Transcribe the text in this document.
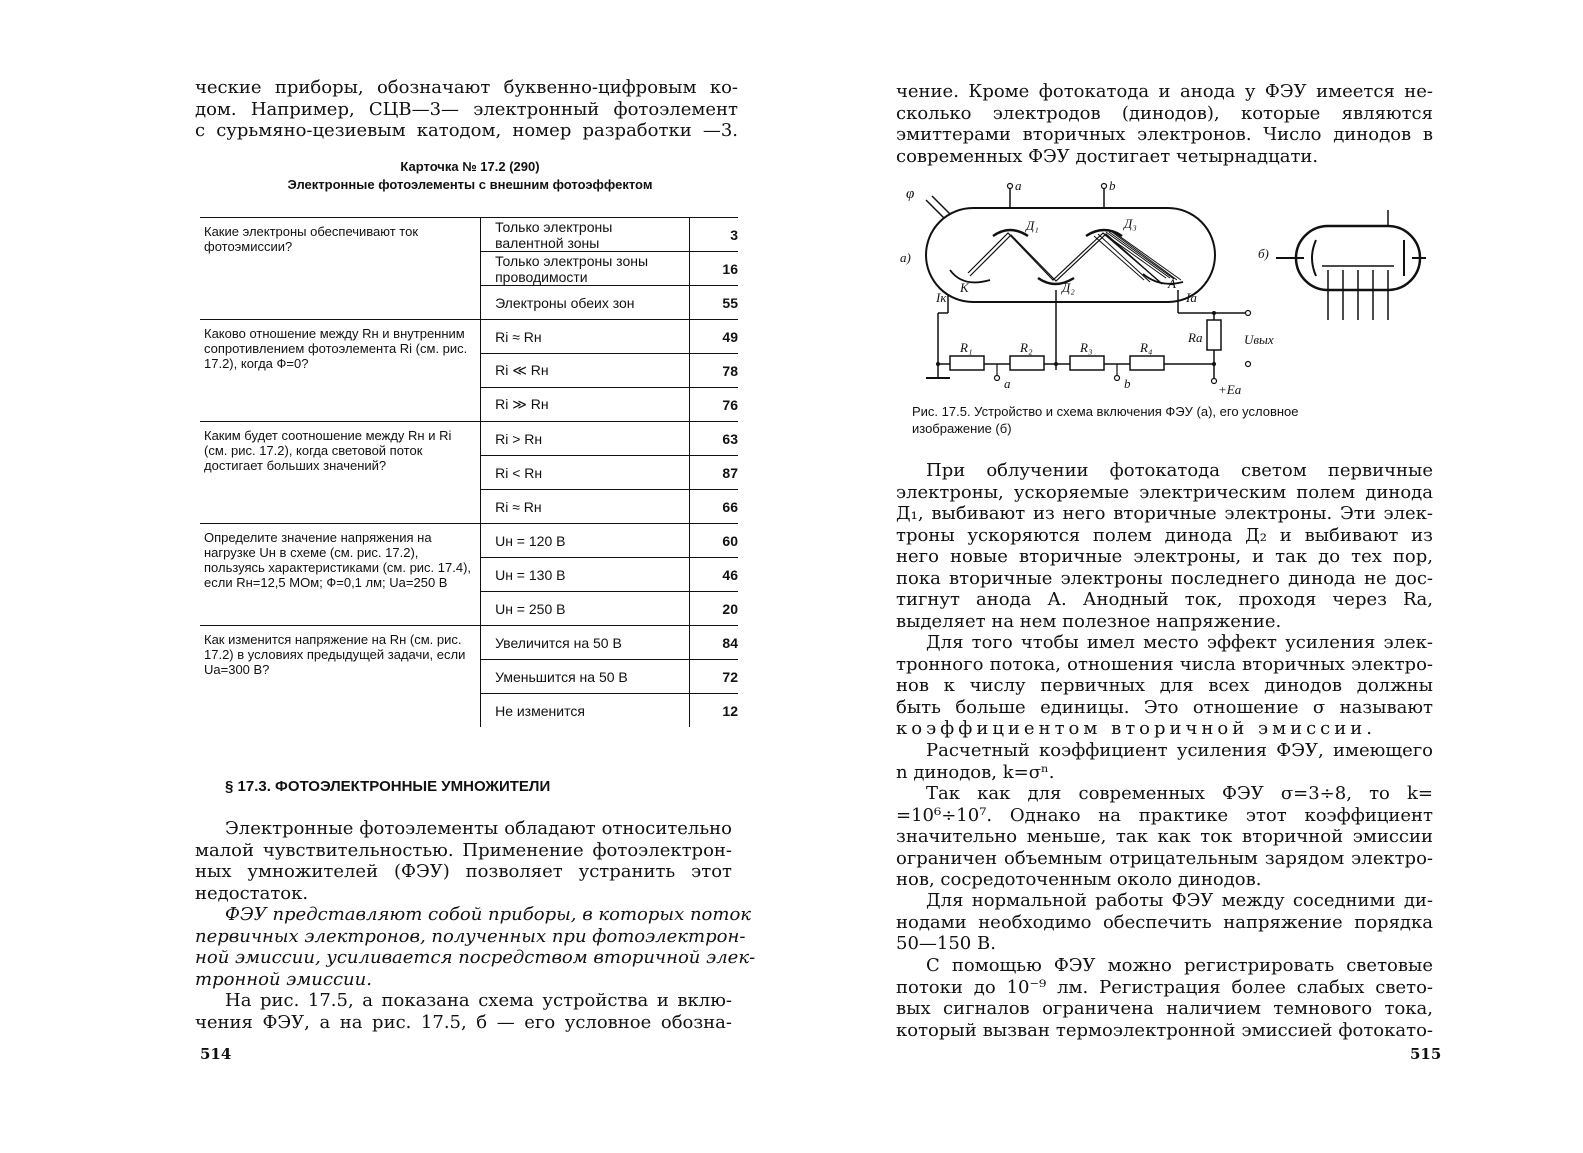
ческие приборы, обозначают буквенно-цифровым ко-
дом. Например, СЦВ—3— электронный фотоэлемент
с сурьмяно-цезиевым катодом, номер разработки —3.
Карточка № 17.2 (290)
Электронные фотоэлементы с внешним фотоэффектом
Какие электроны обеспечивают ток фотоэмиссии?	Только электроны валентной зоны	3
	Только электроны зоны проводимости	16
	Электроны обеих зон	55
Каково отношение между Rн и внутренним сопротивлением фотоэлемента Ri (см. рис. 17.2), когда Ф=0?	Ri ≈ Rн	49
	Ri ≪ Rн	78
	Ri ≫ Rн	76
Каким будет соотношение между Rн и Ri (см. рис. 17.2), когда световой поток достигает больших значений?	Ri > Rн	63
	Ri < Rн	87
	Ri ≈ Rн	66
Определите значение напряжения на нагрузке Uн в схеме (см. рис. 17.2), пользуясь характеристиками (см. рис. 17.4), если Rн=12,5 МОм; Ф=0,1 лм; Uа=250 В	Uн = 120 В	60
	Uн = 130 В	46
	Uн = 250 В	20
Как изменится напряжение на Rн (см. рис. 17.2) в условиях предыдущей задачи, если Uа=300 В?	Увеличится на 50 В	84
	Уменьшится на 50 В	72
	Не изменится	12
§ 17.3. ФОТОЭЛЕКТРОННЫЕ УМНОЖИТЕЛИ
Электронные фотоэлементы обладают относительно
малой чувствительностью. Применение фотоэлектрон-
ных умножителей (ФЭУ) позволяет устранить этот
недостаток.
ФЭУ представляют собой приборы, в которых поток
первичных электронов, полученных при фотоэлектрон-
ной эмиссии, усиливается посредством вторичной элек-
тронной эмиссии.
На рис. 17.5, а показана схема устройства и вклю-
чения ФЭУ, а на рис. 17.5, б — его условное обозна-
514
чение. Кроме фотокатода и анода у ФЭУ имеется не-
сколько электродов (динодов), которые являются
эмиттерами вторичных электронов. Число динодов в
современных ФЭУ достигает четырнадцати.
φ
a	b
а)	б)
Д₁
Д₂
Д₃
К	А
Iк	Iа
R₁	R₂	R₃	R₄
Rа	Uвых
a	b	+Eа
Рис. 17.5. Устройство и схема включения ФЭУ (а), его условное
изображение (б)
При облучении фотокатода светом первичные
электроны, ускоряемые электрическим полем динода
Д₁, выбивают из него вторичные электроны. Эти элек-
троны ускоряются полем динода Д₂ и выбивают из
него новые вторичные электроны, и так до тех пор,
пока вторичные электроны последнего динода не дос-
тигнут анода А. Анодный ток, проходя через Rа,
выделяет на нем полезное напряжение.
Для того чтобы имел место эффект усиления элек-
тронного потока, отношения числа вторичных электро-
нов к числу первичных для всех динодов должны
быть больше единицы. Это отношение σ называют
коэффициентом вторичной эмиссии.
Расчетный коэффициент усиления ФЭУ, имеющего
n динодов, k=σⁿ.
Так как для современных ФЭУ σ=3÷8, то k=
=10⁶÷10⁷. Однако на практике этот коэффициент
значительно меньше, так как ток вторичной эмиссии
ограничен объемным отрицательным зарядом электро-
нов, сосредоточенным около динодов.
Для нормальной работы ФЭУ между соседними ди-
нодами необходимо обеспечить напряжение порядка
50—150 В.
С помощью ФЭУ можно регистрировать световые
потоки до 10⁻⁹ лм. Регистрация более слабых свето-
вых сигналов ограничена наличием темнового тока,
который вызван термоэлектронной эмиссией фотокато-
515
